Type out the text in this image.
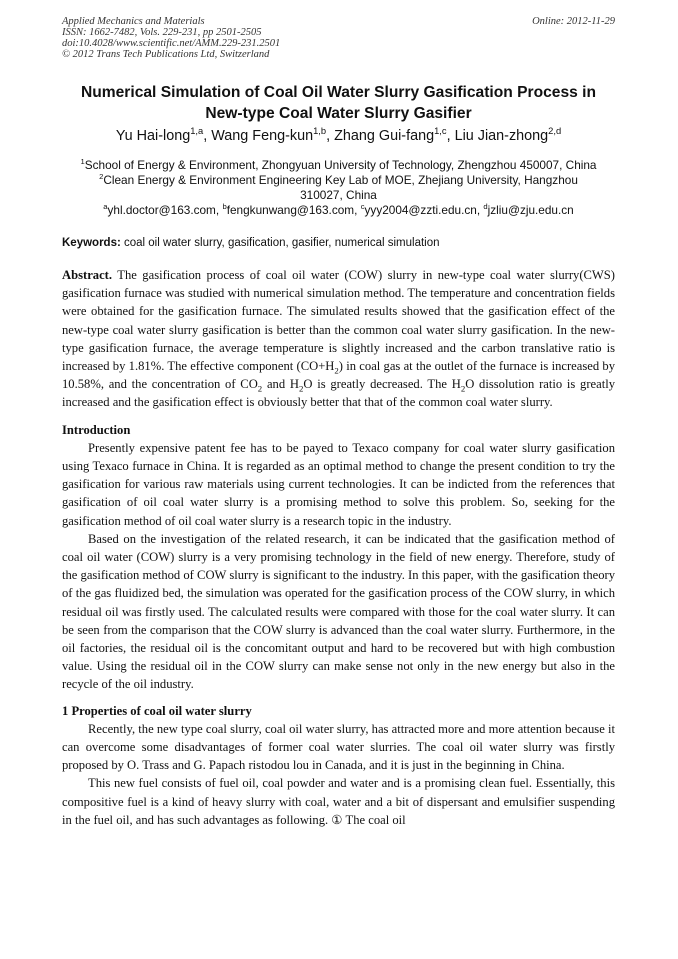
Applied Mechanics and Materials
ISSN: 1662-7482, Vols. 229-231, pp 2501-2505
doi:10.4028/www.scientific.net/AMM.229-231.2501
© 2012 Trans Tech Publications Ltd, Switzerland
Online: 2012-11-29
Numerical Simulation of Coal Oil Water Slurry Gasification Process in
New-type Coal Water Slurry Gasifier
Yu Hai-long$^{1,a}$, Wang Feng-kun$^{1,b}$, Zhang Gui-fang$^{1,c}$, Liu Jian-zhong$^{2,d}$
$^1$School of Energy & Environment, Zhongyuan University of Technology, Zhengzhou 450007, China
$^2$Clean Energy & Environment Engineering Key Lab of MOE, Zhejiang University, Hangzhou
310027, China
$^a$yhl.doctor@163.com, $^b$fengkunwang@163.com, $^c$yyy2004@zzti.edu.cn, $^d$jzliu@zju.edu.cn
Keywords: coal oil water slurry, gasification, gasifier, numerical simulation

Abstract. The gasification process of coal oil water (COW) slurry in new-type coal water slurry(CWS) gasification furnace was studied with numerical simulation method. The temperature and concentration fields were obtained for the gasification furnace. The simulated results showed that the gasification effect of the new-type coal water slurry gasification is better than the common coal water slurry gasification. In the new-type gasification furnace, the average temperature is slightly increased and the carbon translative ratio is increased by 1.81%. The effective component $(CO+H_2)$ in coal gas at the outlet of the furnace is increased by 10.58%, and the concentration of $CO_2$ and $H_2O$ is greatly decreased. The $H_2O$ dissolution ratio is greatly increased and the gasification effect is obviously better that that of the common coal water slurry.

Introduction

Presently expensive patent fee has to be payed to Texaco company for coal water slurry gasification using Texaco furnace in China. It is regarded as an optimal method to change the present condition to try the gasification for various raw materials using current technologies. It can be indicted from the references that gasification of oil coal water slurry is a promising method to solve this problem. So, seeking for the gasification method of oil coal water slurry is a research topic in the industry.

Based on the investigation of the related research, it can be indicated that the gasification method of coal oil water (COW) slurry is a very promising technology in the field of new energy. Therefore, study of the gasification method of COW slurry is significant to the industry. In this paper, with the gasification theory of the gas fluidized bed, the simulation was operated for the gasification process of the COW slurry, in which residual oil was firstly used. The calculated results were compared with those for the coal water slurry. It can be seen from the comparison that the COW slurry is advanced than the coal water slurry. Furthermore, in the oil factories, the residual oil is the concomitant output and hard to be recovered but with high combustion value. Using the residual oil in the COW slurry can make sense not only in the new energy but also in the recycle of the oil industry.

1 Properties of coal oil water slurry

Recently, the new type coal slurry, coal oil water slurry, has attracted more and more attention because it can overcome some disadvantages of former coal water slurries. The coal oil water slurry was firstly proposed by O. Trass and G. Papach ristodou lou in Canada, and it is just in the beginning in China.

This new fuel consists of fuel oil, coal powder and water and is a promising clean fuel. Essentially, this compositive fuel is a kind of heavy slurry with coal, water and a bit of dispersant and emulsifier suspending in the fuel oil, and has such advantages as following. ① The coal oil
